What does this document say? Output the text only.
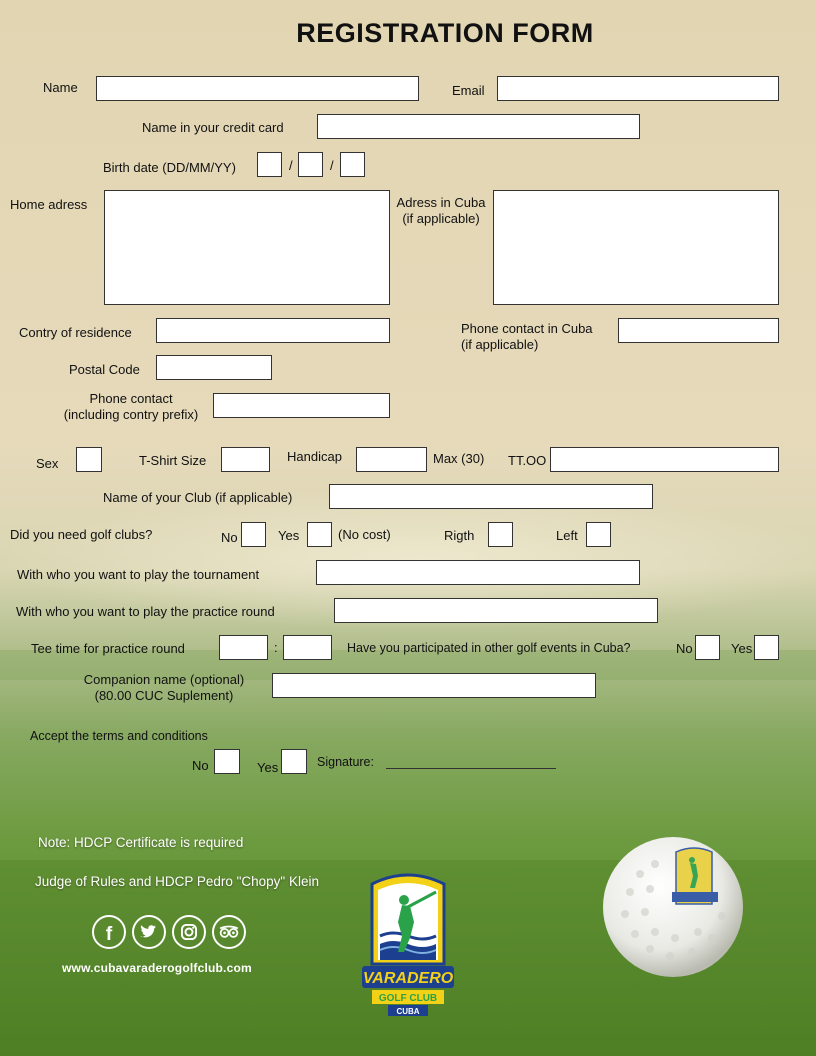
REGISTRATION FORM
Name	Email
Name in your credit card
Birth date (DD/MM/YY)	/	/
Home adress	Adress in Cuba
(if applicable)
Contry of residence	Phone contact in Cuba
(if applicable)
Postal Code
Phone contact
(including contry prefix)
Sex	T-Shirt Size	Handicap	Max (30) TT.OO
Name of your Club (if applicable)
Did you need golf clubs?	No	Yes	(No cost)	Rigth	Left
With who you want to play the tournament
With who you want to play the practice round
Tee time for practice round	:	Have you participated in other golf events in Cuba?	No	Yes
Companion name (optional)
(80.00 CUC Suplement)
Accept the terms and conditions
No	Yes	Signature:
Note: HDCP Certificate is required
Judge of Rules and HDCP Pedro "Chopy" Klein
f
www.cubavaraderogolfclub.com
VARADERO
GOLF CLUB
CUBA
